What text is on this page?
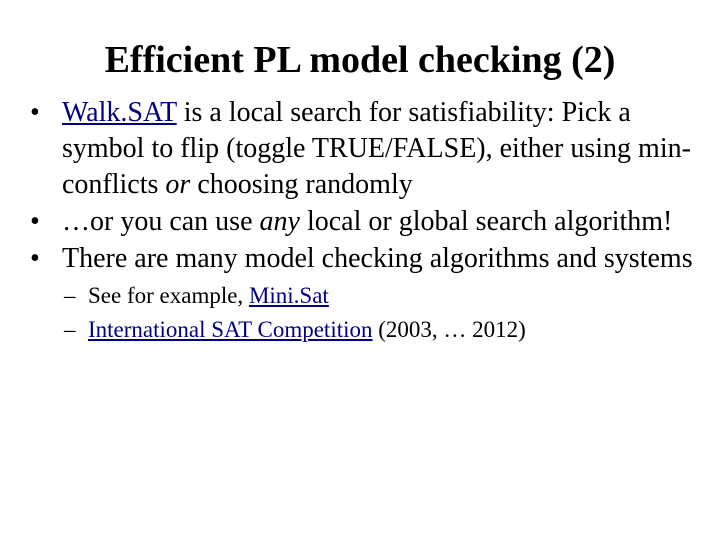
Efficient PL model checking (2)
• Walk.SAT is a local search for satisfiability: Pick a symbol to flip (toggle TRUE/FALSE), either using min-conflicts or choosing randomly
• …or you can use any local or global search algorithm!
• There are many model checking algorithms and systems
– See for example, Mini.Sat
– International SAT Competition (2003, … 2012)
